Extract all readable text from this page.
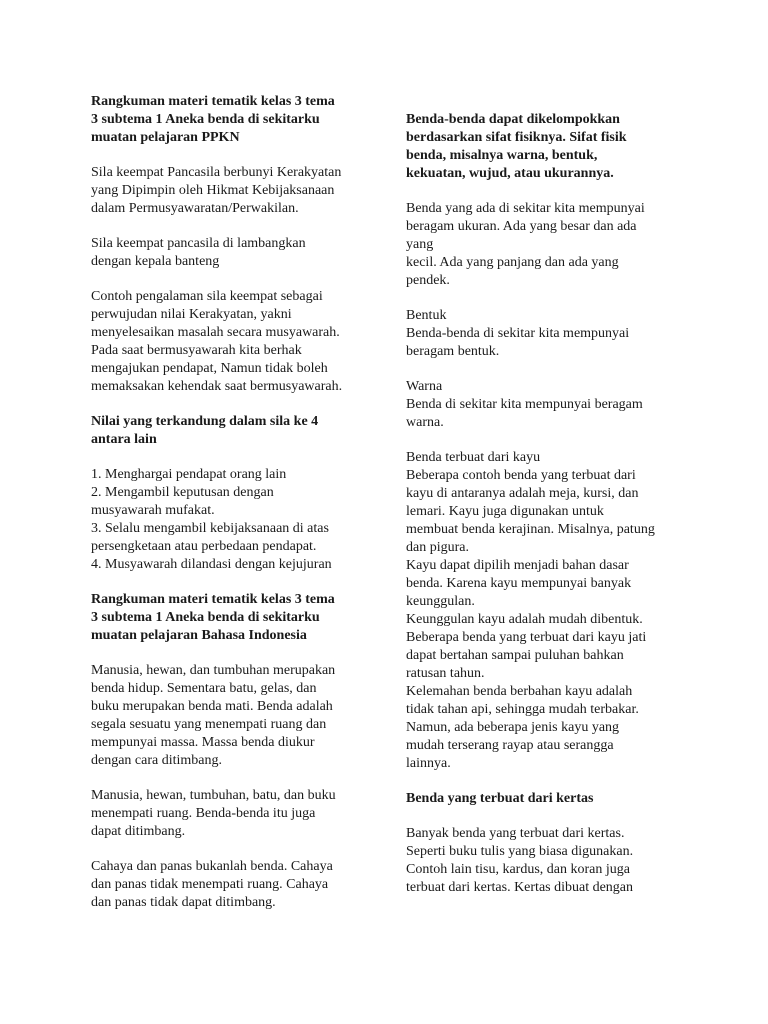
Rangkuman materi tematik kelas 3 tema
3 subtema 1 Aneka benda di sekitarku
muatan pelajaran PPKN
Sila keempat Pancasila berbunyi Kerakyatan
yang Dipimpin oleh Hikmat Kebijaksanaan
dalam Permusyawaratan/Perwakilan.
Sila keempat pancasila di lambangkan
dengan kepala banteng
Contoh pengalaman sila keempat sebagai
perwujudan nilai Kerakyatan, yakni
menyelesaikan masalah secara musyawarah.
Pada saat bermusyawarah kita berhak
mengajukan pendapat, Namun tidak boleh
memaksakan kehendak saat bermusyawarah.
Nilai yang terkandung dalam sila ke 4
antara lain
1. Menghargai pendapat orang lain
2. Mengambil keputusan dengan
musyawarah mufakat.
3. Selalu mengambil kebijaksanaan di atas
persengketaan atau perbedaan pendapat.
4. Musyawarah dilandasi dengan kejujuran
Rangkuman materi tematik kelas 3 tema
3 subtema 1 Aneka benda di sekitarku
muatan pelajaran Bahasa Indonesia
Manusia, hewan, dan tumbuhan merupakan
benda hidup. Sementara batu, gelas, dan
buku merupakan benda mati. Benda adalah
segala sesuatu yang menempati ruang dan
mempunyai massa. Massa benda diukur
dengan cara ditimbang.
Manusia, hewan, tumbuhan, batu, dan buku
menempati ruang. Benda-benda itu juga
dapat ditimbang.
Cahaya dan panas bukanlah benda. Cahaya
dan panas tidak menempati ruang. Cahaya
dan panas tidak dapat ditimbang.
Benda-benda dapat dikelompokkan
berdasarkan sifat fisiknya. Sifat fisik
benda, misalnya warna, bentuk,
kekuatan, wujud, atau ukurannya.
Benda yang ada di sekitar kita mempunyai
beragam ukuran. Ada yang besar dan ada
yang
kecil. Ada yang panjang dan ada yang
pendek.
Bentuk
Benda-benda di sekitar kita mempunyai
beragam bentuk.
Warna
Benda di sekitar kita mempunyai beragam
warna.
Benda terbuat dari kayu
Beberapa contoh benda yang terbuat dari
kayu di antaranya adalah meja, kursi, dan
lemari. Kayu juga digunakan untuk
membuat benda kerajinan. Misalnya, patung
dan pigura.
Kayu dapat dipilih menjadi bahan dasar
benda. Karena kayu mempunyai banyak
keunggulan.
Keunggulan kayu adalah mudah dibentuk.
Beberapa benda yang terbuat dari kayu jati
dapat bertahan sampai puluhan bahkan
ratusan tahun.
Kelemahan benda berbahan kayu adalah
tidak tahan api, sehingga mudah terbakar.
Namun, ada beberapa jenis kayu yang
mudah terserang rayap atau serangga
lainnya.
Benda yang terbuat dari kertas
Banyak benda yang terbuat dari kertas.
Seperti buku tulis yang biasa digunakan.
Contoh lain tisu, kardus, dan koran juga
terbuat dari kertas. Kertas dibuat dengan
